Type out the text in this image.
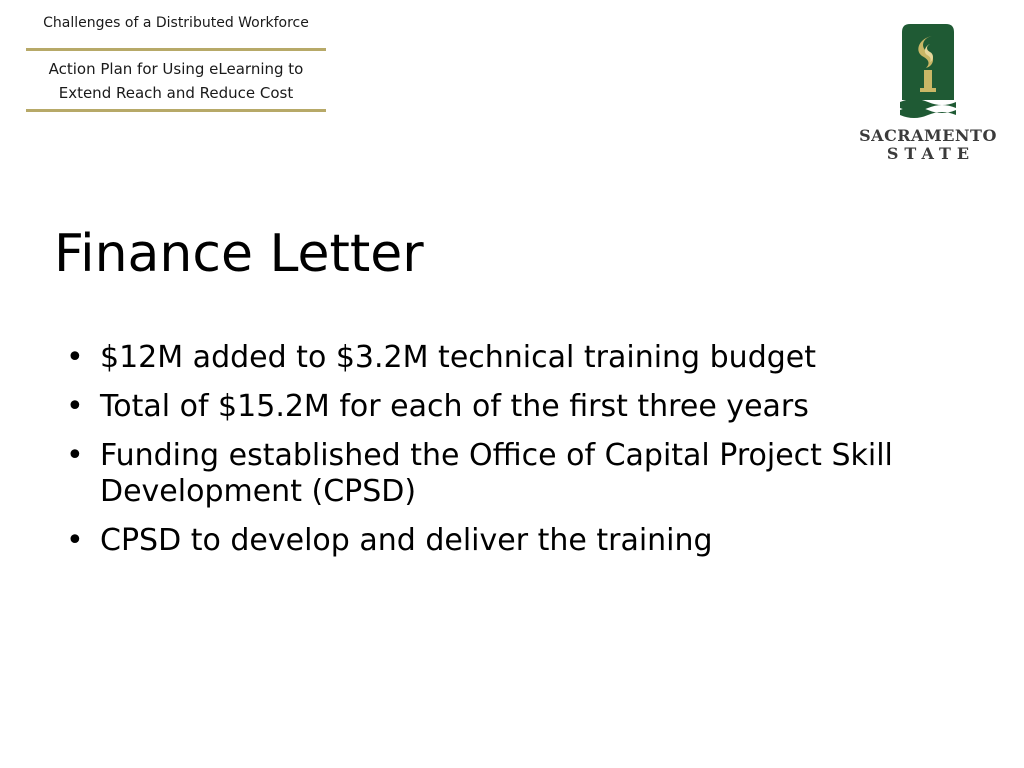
Challenges of a Distributed Workforce
Action Plan for Using eLearning to
Extend Reach and Reduce Cost
SACRAMENTO
STATE
Finance Letter
• $12M added to $3.2M technical training budget
• Total of $15.2M for each of the first three years
• Funding established the Office of Capital Project Skill Development (CPSD)
• CPSD to develop and deliver the training
